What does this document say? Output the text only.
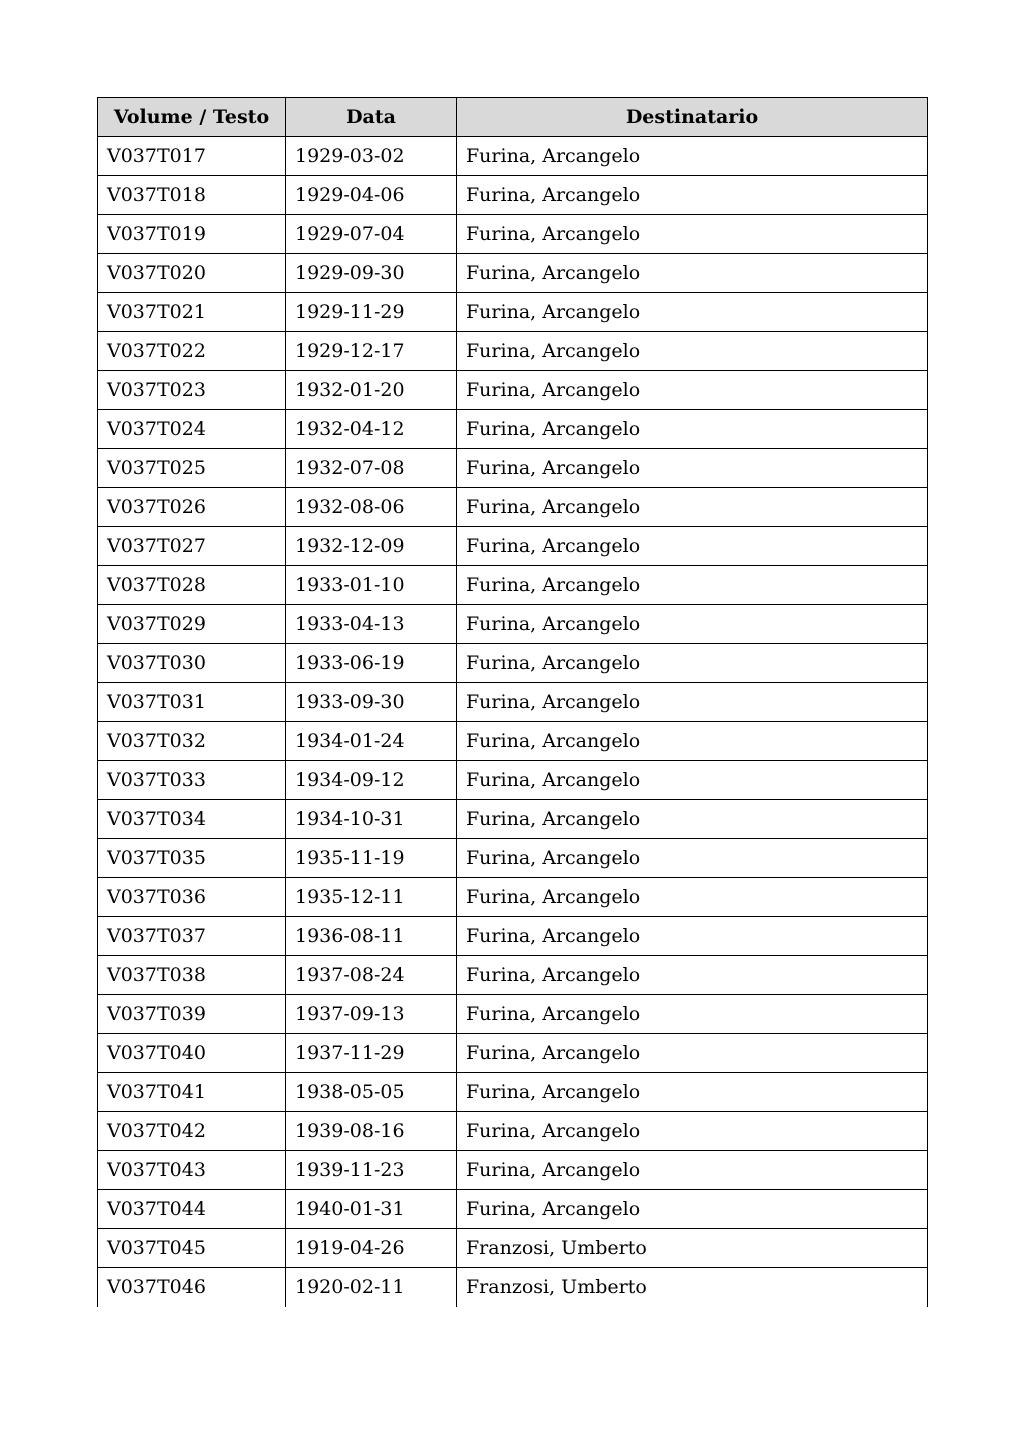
Volume / Testo	Data	Destinatario
V037T017	1929-03-02	Furina, Arcangelo
V037T018	1929-04-06	Furina, Arcangelo
V037T019	1929-07-04	Furina, Arcangelo
V037T020	1929-09-30	Furina, Arcangelo
V037T021	1929-11-29	Furina, Arcangelo
V037T022	1929-12-17	Furina, Arcangelo
V037T023	1932-01-20	Furina, Arcangelo
V037T024	1932-04-12	Furina, Arcangelo
V037T025	1932-07-08	Furina, Arcangelo
V037T026	1932-08-06	Furina, Arcangelo
V037T027	1932-12-09	Furina, Arcangelo
V037T028	1933-01-10	Furina, Arcangelo
V037T029	1933-04-13	Furina, Arcangelo
V037T030	1933-06-19	Furina, Arcangelo
V037T031	1933-09-30	Furina, Arcangelo
V037T032	1934-01-24	Furina, Arcangelo
V037T033	1934-09-12	Furina, Arcangelo
V037T034	1934-10-31	Furina, Arcangelo
V037T035	1935-11-19	Furina, Arcangelo
V037T036	1935-12-11	Furina, Arcangelo
V037T037	1936-08-11	Furina, Arcangelo
V037T038	1937-08-24	Furina, Arcangelo
V037T039	1937-09-13	Furina, Arcangelo
V037T040	1937-11-29	Furina, Arcangelo
V037T041	1938-05-05	Furina, Arcangelo
V037T042	1939-08-16	Furina, Arcangelo
V037T043	1939-11-23	Furina, Arcangelo
V037T044	1940-01-31	Furina, Arcangelo
V037T045	1919-04-26	Franzosi, Umberto
V037T046	1920-02-11	Franzosi, Umberto
